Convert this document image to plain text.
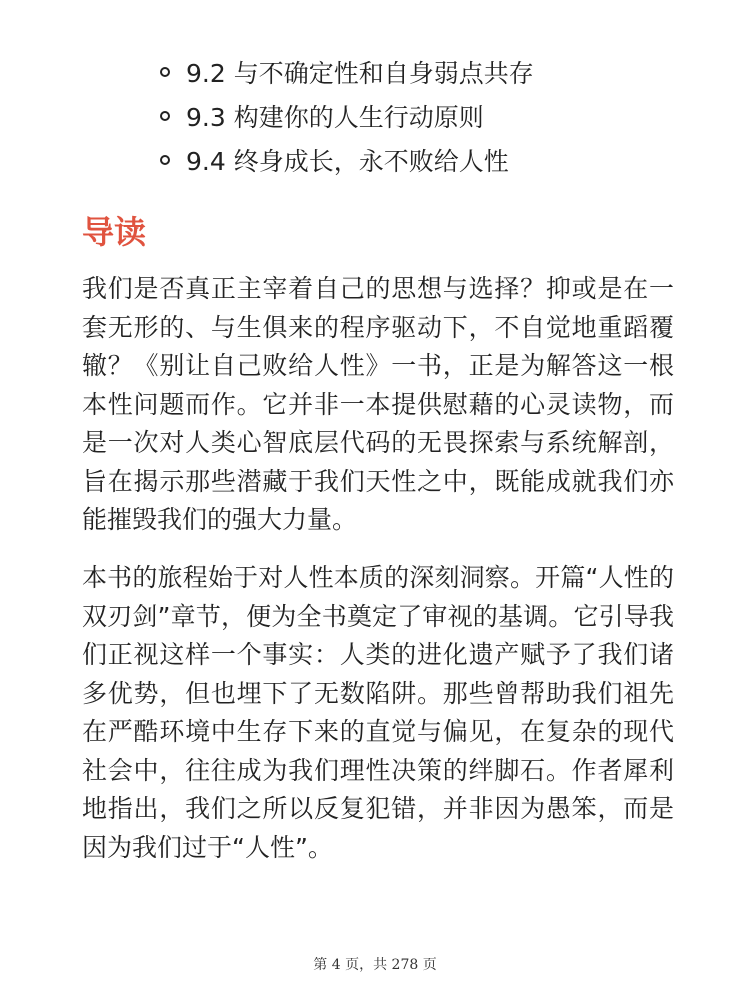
9.2 与不确定性和自身弱点共存
9.3 构建你的人生行动原则
9.4 终身成长，永不败给人性
导读

我们是否真正主宰着自己的思想与选择？抑或是在一套无形的、与生俱来的程序驱动下，不自觉地重蹈覆辙？《别让自己败给人性》一书，正是为解答这一根本性问题而作。它并非一本提供慰藉的心灵读物，而是一次对人类心智底层代码的无畏探索与系统解剖，旨在揭示那些潜藏于我们天性之中，既能成就我们亦能摧毁我们的强大力量。

本书的旅程始于对人性本质的深刻洞察。开篇“人性的双刃剑”章节，便为全书奠定了审视的基调。它引导我们正视这样一个事实：人类的进化遗产赋予了我们诸多优势，但也埋下了无数陷阱。那些曾帮助我们祖先在严酷环境中生存下来的直觉与偏见，在复杂的现代社会中，往往成为我们理性决策的绊脚石。作者犀利地指出，我们之所以反复犯错，并非因为愚笨，而是因为我们过于“人性”。

第 4 页，共 278 页
